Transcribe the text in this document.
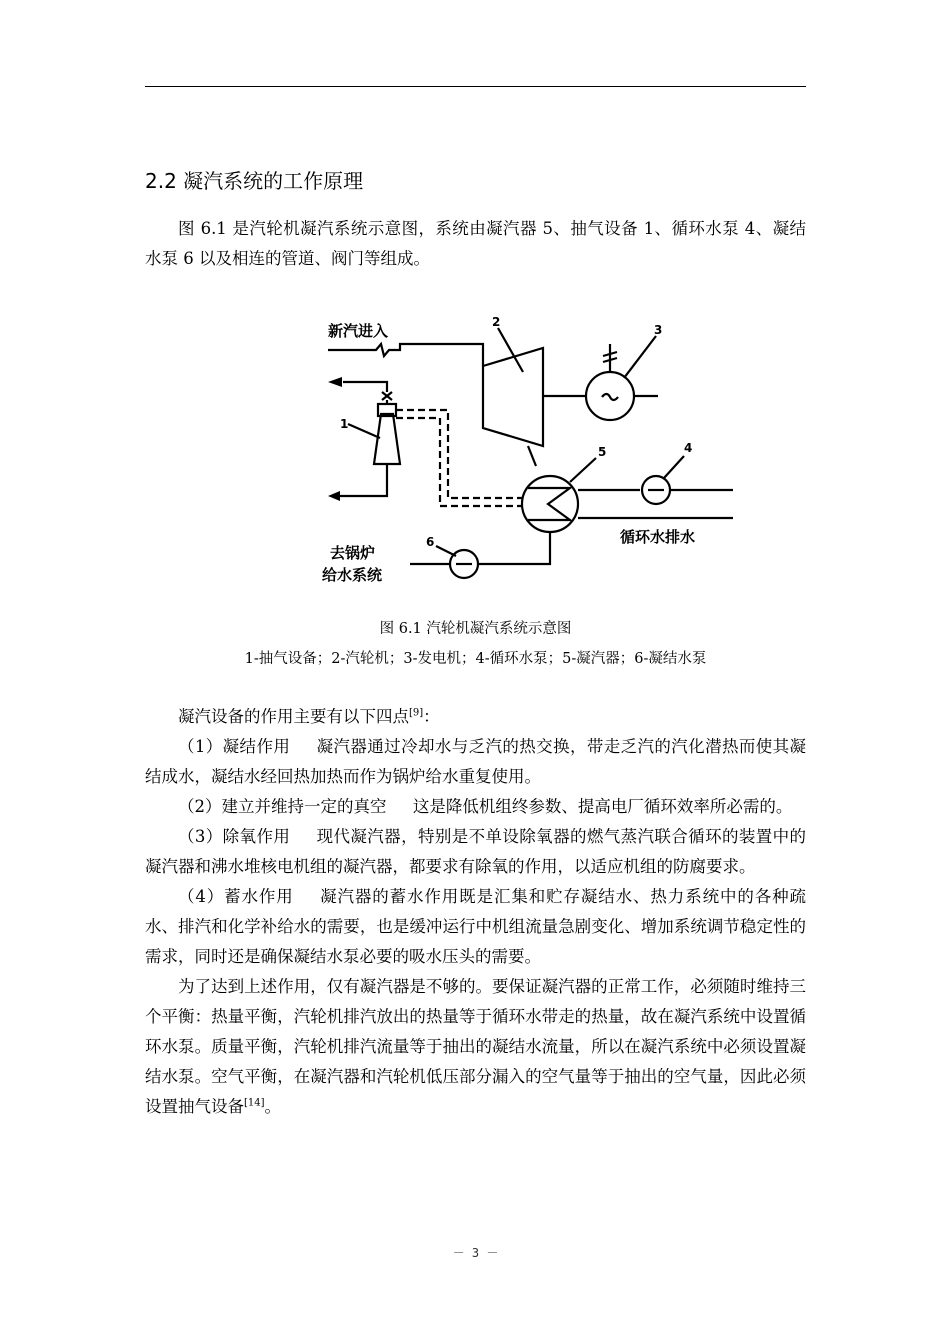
2.2 凝汽系统的工作原理

图 6.1 是汽轮机凝汽系统示意图，系统由凝汽器 5、抽气设备 1、循环水泵 4、凝结水泵 6 以及相连的管道、阀门等组成。

新汽进入
循环水排水
去锅炉
给水系统
1
2
3
4
5
6
图 6.1 汽轮机凝汽系统示意图
1-抽气设备；2-汽轮机；3-发电机；4-循环水泵；5-凝汽器；6-凝结水泵

凝汽设备的作用主要有以下四点[9]：

（1）凝结作用 凝汽器通过冷却水与乏汽的热交换，带走乏汽的汽化潜热而使其凝结成水，凝结水经回热加热而作为锅炉给水重复使用。

（2）建立并维持一定的真空 这是降低机组终参数、提高电厂循环效率所必需的。

（3）除氧作用 现代凝汽器，特别是不单设除氧器的燃气蒸汽联合循环的装置中的凝汽器和沸水堆核电机组的凝汽器，都要求有除氧的作用，以适应机组的防腐要求。

（4）蓄水作用 凝汽器的蓄水作用既是汇集和贮存凝结水、热力系统中的各种疏水、排汽和化学补给水的需要，也是缓冲运行中机组流量急剧变化、增加系统调节稳定性的需求，同时还是确保凝结水泵必要的吸水压头的需要。

为了达到上述作用，仅有凝汽器是不够的。要保证凝汽器的正常工作，必须随时维持三个平衡：热量平衡，汽轮机排汽放出的热量等于循环水带走的热量，故在凝汽系统中设置循环水泵。质量平衡，汽轮机排汽流量等于抽出的凝结水流量，所以在凝汽系统中必须设置凝结水泵。空气平衡，在凝汽器和汽轮机低压部分漏入的空气量等于抽出的空气量，因此必须设置抽气设备[14]。

－ 3 －
